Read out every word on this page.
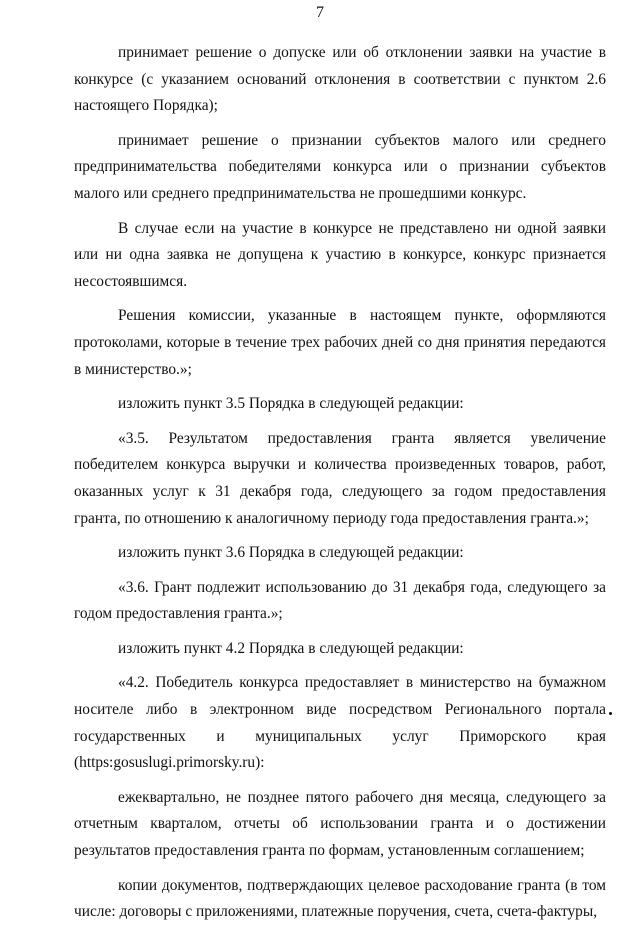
7

принимает решение о допуске или об отклонении заявки на участие в конкурсе (с указанием оснований отклонения в соответствии с пунктом 2.6 настоящего Порядка);

принимает решение о признании субъектов малого или среднего предпринимательства победителями конкурса или о признании субъектов малого или среднего предпринимательства не прошедшими конкурс.

В случае если на участие в конкурсе не представлено ни одной заявки или ни одна заявка не допущена к участию в конкурсе, конкурс признается несостоявшимся.

Решения комиссии, указанные в настоящем пункте, оформляются протоколами, которые в течение трех рабочих дней со дня принятия передаются в министерство.»;

изложить пункт 3.5 Порядка в следующей редакции:

«3.5. Результатом предоставления гранта является увеличение победителем конкурса выручки и количества произведенных товаров, работ, оказанных услуг к 31 декабря года, следующего за годом предоставления гранта, по отношению к аналогичному периоду года предоставления гранта.»;

изложить пункт 3.6 Порядка в следующей редакции:

«3.6. Грант подлежит использованию до 31 декабря года, следующего за годом предоставления гранта.»;

изложить пункт 4.2 Порядка в следующей редакции:

«4.2. Победитель конкурса предоставляет в министерство на бумажном носителе либо в электронном виде посредством Регионального портала государственных и муниципальных услуг Приморского края (https:gosuslugi.primorsky.ru):

ежеквартально, не позднее пятого рабочего дня месяца, следующего за отчетным кварталом, отчеты об использовании гранта и о достижении результатов предоставления гранта по формам, установленным соглашением;

копии документов, подтверждающих целевое расходование гранта (в том числе: договоры с приложениями, платежные поручения, счета, счета-фактуры,
